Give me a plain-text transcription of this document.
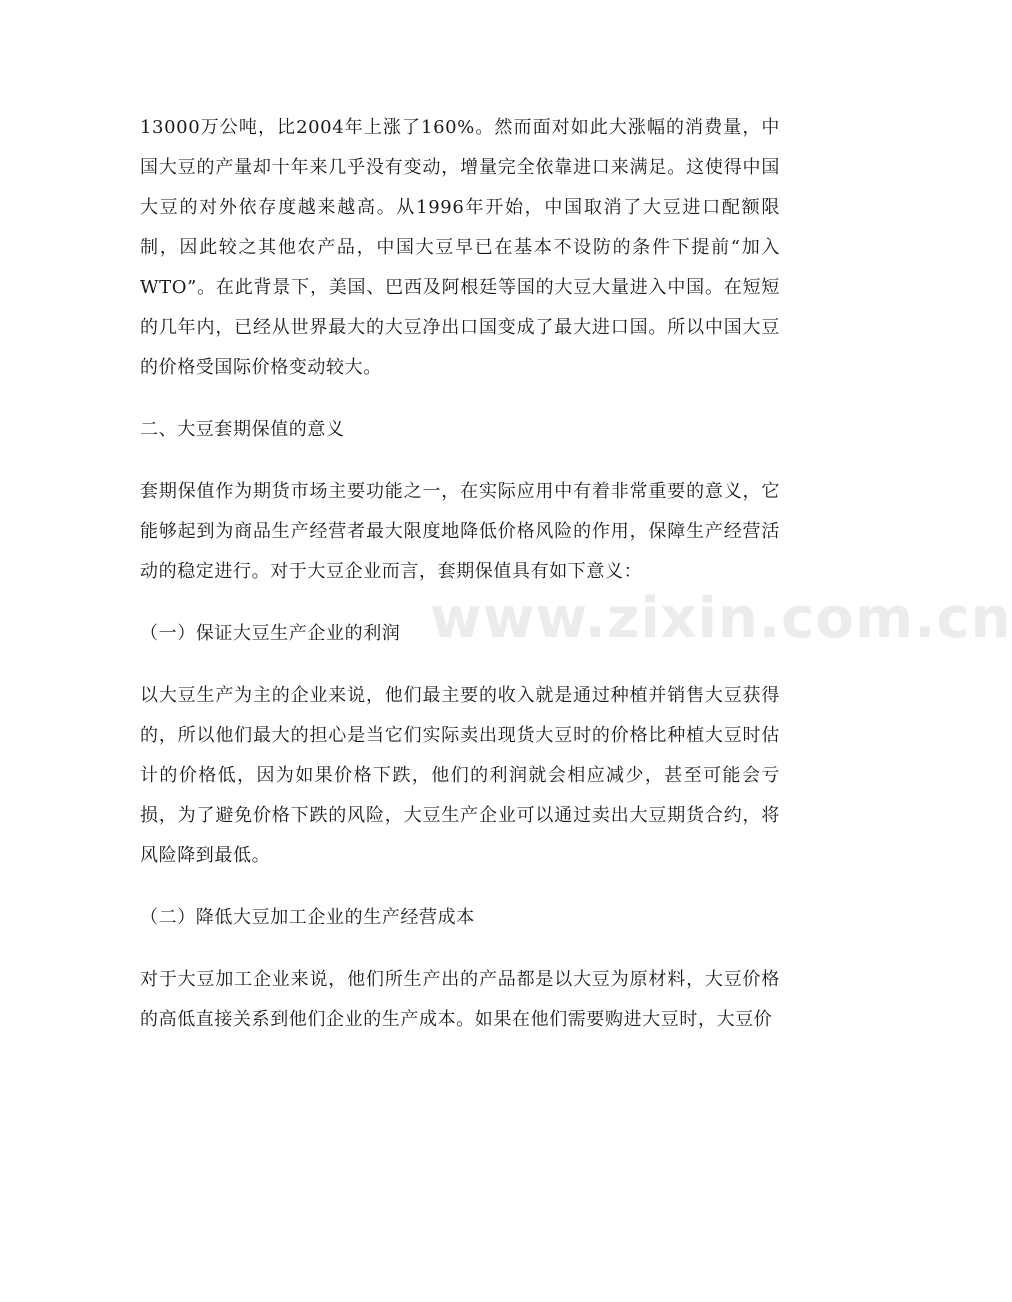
13000万公吨，比2004年上涨了160%。然而面对如此大涨幅的消费量，中国大豆的产量却十年来几乎没有变动，增量完全依靠进口来满足。这使得中国大豆的对外依存度越来越高。从1996年开始，中国取消了大豆进口配额限制，因此较之其他农产品，中国大豆早已在基本不设防的条件下提前“加入WTO”。在此背景下，美国、巴西及阿根廷等国的大豆大量进入中国。在短短的几年内，已经从世界最大的大豆净出口国变成了最大进口国。所以中国大豆的价格受国际价格变动较大。

二、大豆套期保值的意义

套期保值作为期货市场主要功能之一，在实际应用中有着非常重要的意义，它能够起到为商品生产经营者最大限度地降低价格风险的作用，保障生产经营活动的稳定进行。对于大豆企业而言，套期保值具有如下意义：

（一）保证大豆生产企业的利润

以大豆生产为主的企业来说，他们最主要的收入就是通过种植并销售大豆获得的，所以他们最大的担心是当它们实际卖出现货大豆时的价格比种植大豆时估计的价格低，因为如果价格下跌，他们的利润就会相应减少，甚至可能会亏损，为了避免价格下跌的风险，大豆生产企业可以通过卖出大豆期货合约，将风险降到最低。

（二）降低大豆加工企业的生产经营成本

对于大豆加工企业来说，他们所生产出的产品都是以大豆为原材料，大豆价格的高低直接关系到他们企业的生产成本。如果在他们需要购进大豆时，大豆价

www.zixin.com.cn
